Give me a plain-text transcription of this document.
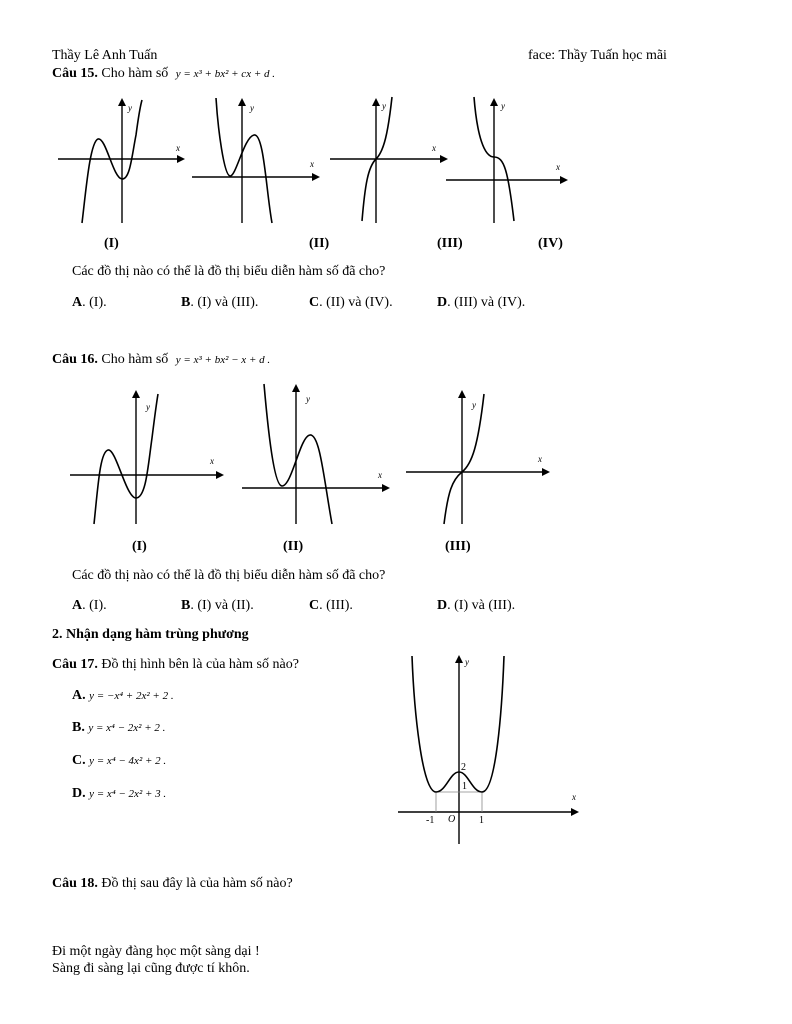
Thầy Lê Anh Tuấn	face: Thầy Tuấn học mãi
Câu 15. Cho hàm số y = x³ + bx² + cx + d .
x
y
x
y
x
y
x
y
(I)	(II)	(III)	(IV)
Các đồ thị nào có thể là đồ thị biểu diễn hàm số đã cho?
A. (I).	B. (I) và (III).	C. (II) và (IV).	D. (III) và (IV).
Câu 16. Cho hàm số y = x³ + bx² − x + d .
x
y
x
y
x
y
(I)	(II)	(III)
Các đồ thị nào có thể là đồ thị biểu diễn hàm số đã cho?
A. (I).	B. (I) và (II).	C. (III).	D. (I) và (III).
2. Nhận dạng hàm trùng phương
Câu 17. Đồ thị hình bên là của hàm số nào?
A. y = −x⁴ + 2x² + 2 .
B. y = x⁴ − 2x² + 2 .
C. y = x⁴ − 4x² + 2 .
D. y = x⁴ − 2x² + 3 .	x
y
O
-1	1
2
1
Câu 18. Đồ thị sau đây là của hàm số nào?
Đi một ngày đàng học một sàng dại !
Sàng đi sàng lại cũng được tí khôn.
